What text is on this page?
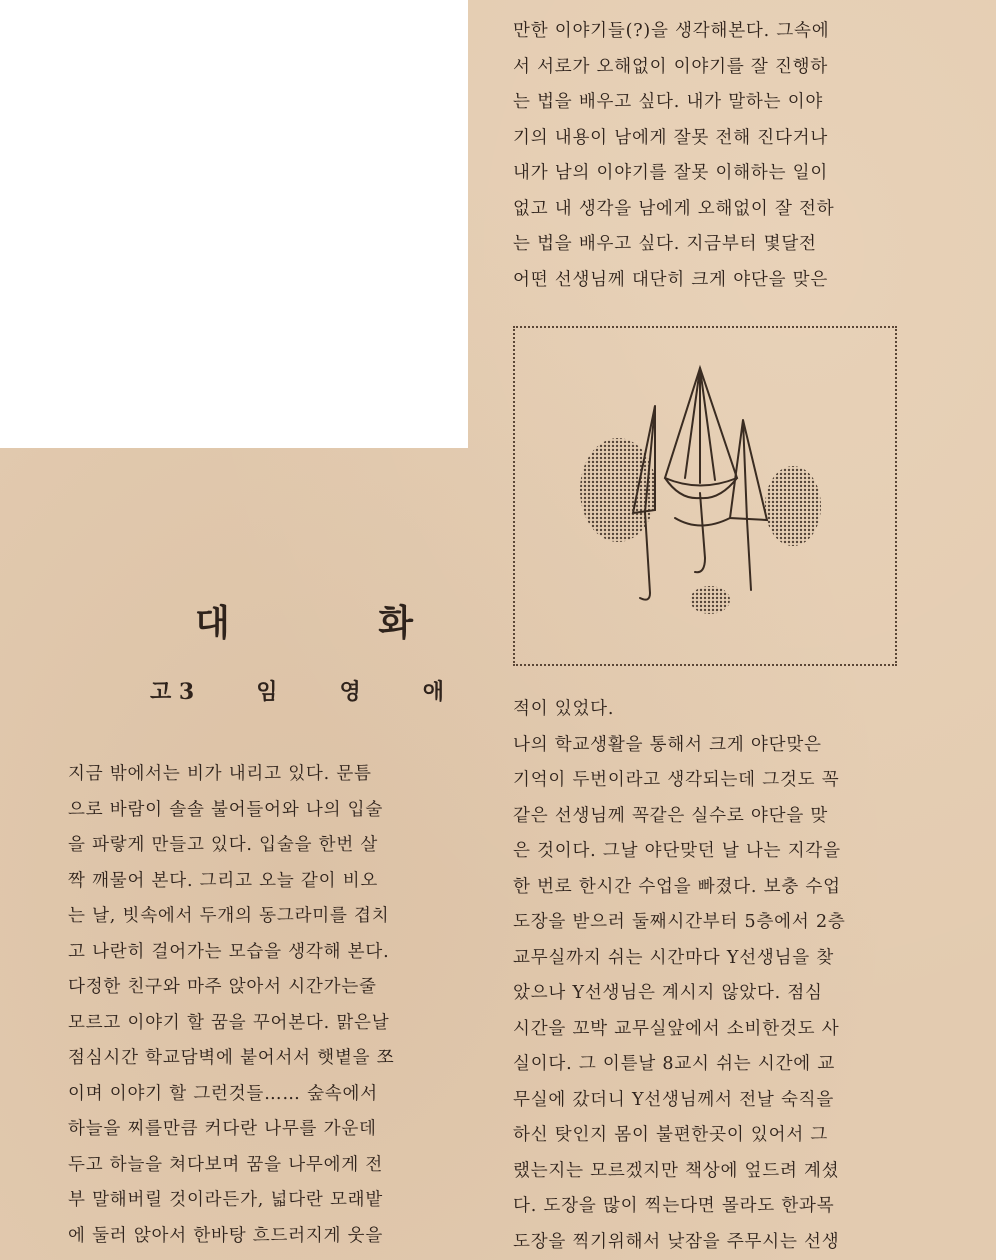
대 화
고 3	임	영	애
지금 밖에서는 비가 내리고 있다. 문틈
으로 바람이 솔솔 불어들어와 나의 입술
을 파랗게 만들고 있다. 입술을 한번 살
짝 깨물어 본다. 그리고 오늘 같이 비오
는 날, 빗속에서 두개의 동그라미를 겹치
고 나란히 걸어가는 모습을 생각해 본다.
다정한 친구와 마주 앉아서 시간가는줄
모르고 이야기 할 꿈을 꾸어본다. 맑은날
점심시간 학교담벽에 붙어서서 햇볕을 쪼
이며 이야기 할 그런것들…… 숲속에서
하늘을 찌를만큼 커다란 나무를 가운데
두고 하늘을 쳐다보며 꿈을 나무에게 전
부 말해버릴 것이라든가, 넓다란 모래밭
에 둘러 앉아서 한바탕 흐드러지게 웃을
만한 이야기들(?)을 생각해본다. 그속에
서 서로가 오해없이 이야기를 잘 진행하
는 법을 배우고 싶다. 내가 말하는 이야
기의 내용이 남에게 잘못 전해 진다거나
내가 남의 이야기를 잘못 이해하는 일이
없고 내 생각을 남에게 오해없이 잘 전하
는 법을 배우고 싶다. 지금부터 몇달전
어떤 선생님께 대단히 크게 야단을 맞은
적이 있었다.
나의 학교생활을 통해서 크게 야단맞은
기억이 두번이라고 생각되는데 그것도 꼭
같은 선생님께 꼭같은 실수로 야단을 맞
은 것이다. 그날 야단맞던 날 나는 지각을
한 번로 한시간 수업을 빠졌다. 보충 수업
도장을 받으러 둘째시간부터 5층에서 2층
교무실까지 쉬는 시간마다 Y선생님을 찾
았으나 Y선생님은 계시지 않았다. 점심
시간을 꼬박 교무실앞에서 소비한것도 사
실이다. 그 이튿날 8교시 쉬는 시간에 교
무실에 갔더니 Y선생님께서 전날 숙직을
하신 탓인지 몸이 불편한곳이 있어서 그
랬는지는 모르겠지만 책상에 엎드려 계셨
다. 도장을 많이 찍는다면 몰라도 한과목
도장을 찍기위해서 낮잠을 주무시는 선생
